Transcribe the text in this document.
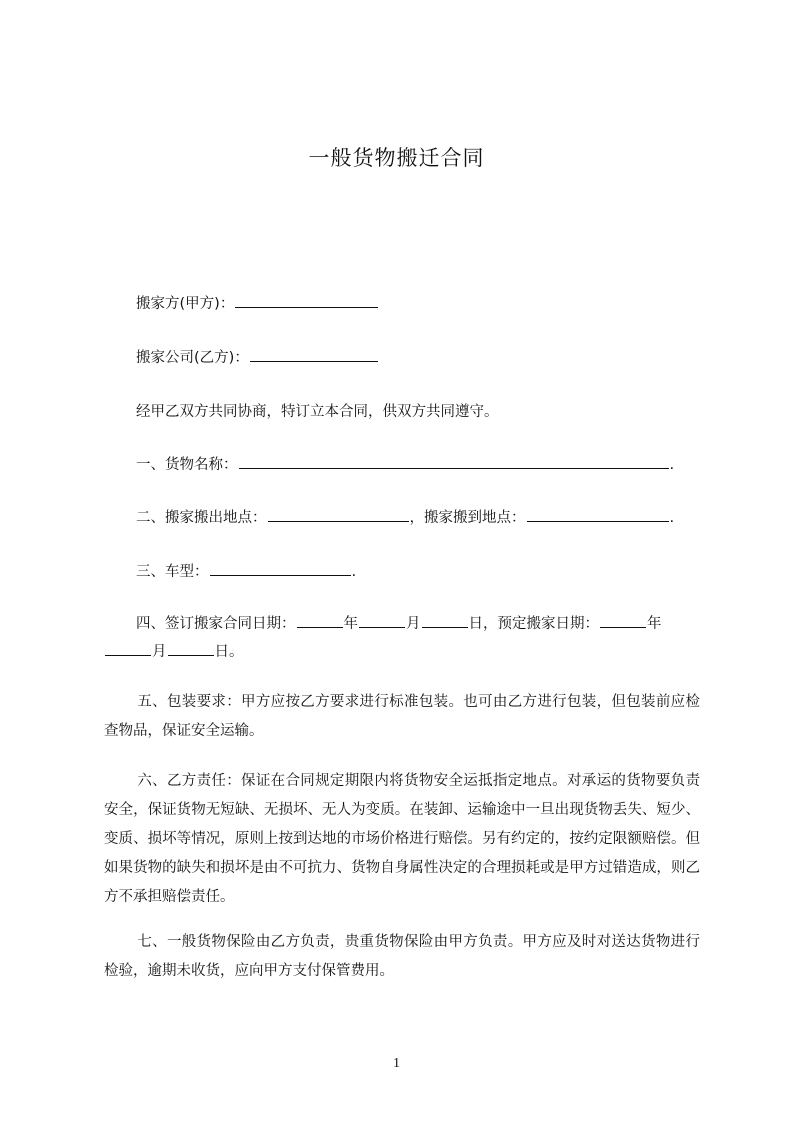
一般货物搬迁合同
搬家方(甲方)：
搬家公司(乙方)：
经甲乙双方共同协商，特订立本合同，供双方共同遵守。
一、货物名称：	.
二、搬家搬出地点：	，搬家搬到地点：	.
三、车型：	.
四、签订搬家合同日期：	年	月	日，预定搬家日期：	年
月	日。
五、包装要求：甲方应按乙方要求进行标准包装。也可由乙方进行包装，但包装前应检查物品，保证安全运输。
六、乙方责任：保证在合同规定期限内将货物安全运抵指定地点。对承运的货物要负责安全，保证货物无短缺、无损坏、无人为变质。在装卸、运输途中一旦出现货物丢失、短少、变质、损坏等情况，原则上按到达地的市场价格进行赔偿。另有约定的，按约定限额赔偿。但如果货物的缺失和损坏是由不可抗力、货物自身属性决定的合理损耗或是甲方过错造成，则乙方不承担赔偿责任。
七、一般货物保险由乙方负责，贵重货物保险由甲方负责。甲方应及时对送达货物进行检验，逾期未收货，应向甲方支付保管费用。
1
